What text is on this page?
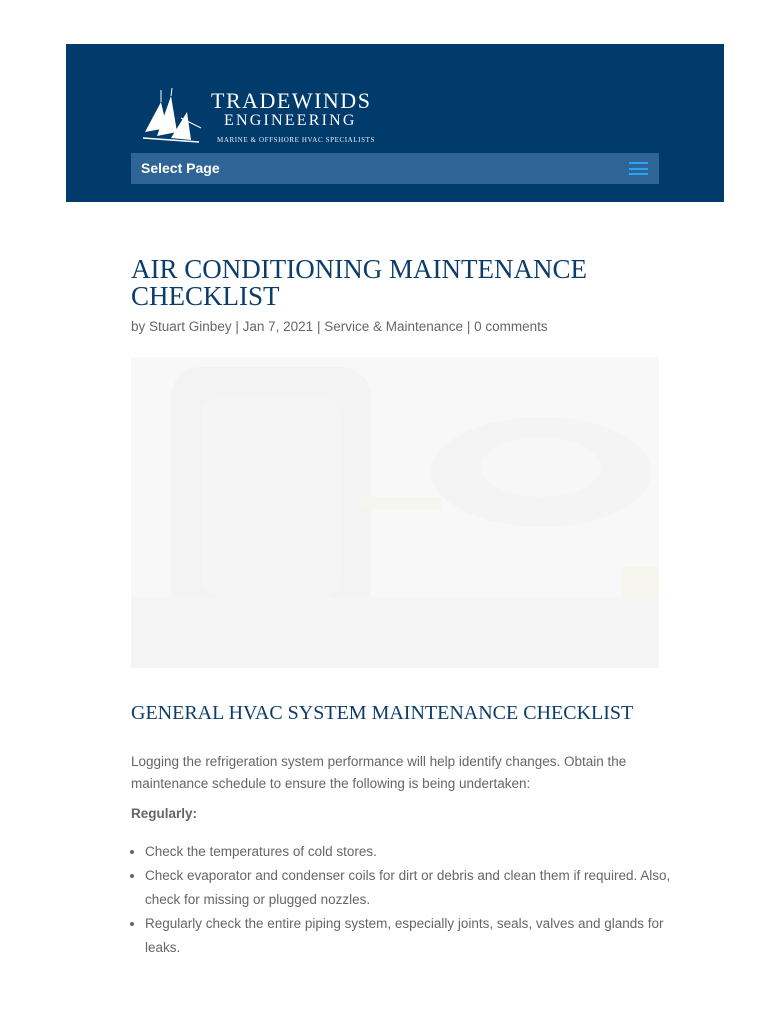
TRADEWINDS
ENGINEERING
MARINE & OFFSHORE HVAC SPECIALISTS
Select Page
AIR CONDITIONING MAINTENANCE CHECKLIST
by Stuart Ginbey | Jan 7, 2021 | Service & Maintenance | 0 comments
GENERAL HVAC SYSTEM MAINTENANCE CHECKLIST

Logging the refrigeration system performance will help identify changes. Obtain the maintenance schedule to ensure the following is being undertaken:

Regularly:

• Check the temperatures of cold stores.
• Check evaporator and condenser coils for dirt or debris and clean them if required. Also, check for missing or plugged nozzles.
• Regularly check the entire piping system, especially joints, seals, valves and glands for leaks.
